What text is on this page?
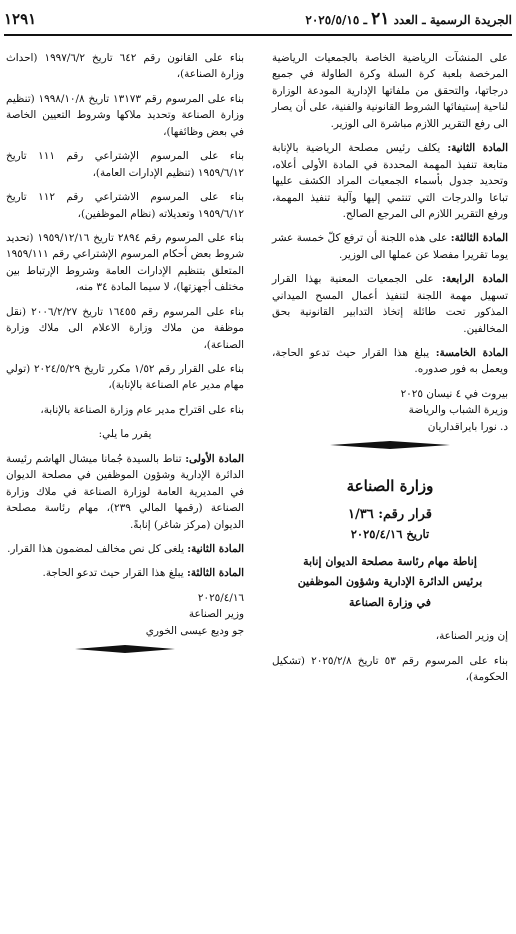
الجريدة الرسمية ـ العدد ٢١ ـ ٢٠٢٥/٥/١٥
١٢٩١

على المنشآت الرياضية الخاصة بالجمعيات الرياضية المرخصة بلعبة كرة السلة وكرة الطاولة في جميع درجاتها، والتحقق من ملفاتها الإدارية المودعة الوزارة لناحية إستيفائها الشروط القانونية والفنية، على أن يصار الى رفع التقرير اللازم مباشرة الى الوزير.

المادة الثانية: يكلف رئيس مصلحة الرياضية بالإنابة متابعة تنفيذ المهمة المحددة في المادة الأولى أعلاه، وتحديد جدول بأسماء الجمعيات المراد الكشف عليها تباعا والدرجات التي تنتمي إليها وآلية تنفيذ المهمة، ورفع التقرير اللازم الى المرجع الصالح.

المادة الثالثة: على هذه اللجنة أن ترفع كلّ خمسة عشر يوما تقريرا مفصلا عن عملها الى الوزير.

المادة الرابعة: على الجمعيات المعنية بهذا القرار تسهيل مهمة اللجنة لتنفيذ أعمال المسح الميداني المذكور تحت طائلة إتخاذ التدابير القانونية بحق المخالفين.

المادة الخامسة: يبلغ هذا القرار حيث تدعو الحاجة، ويعمل به فور صدوره.

بيروت في ٤ نيسان ٢٠٢٥

وزيرة الشباب والرياضة

د. نورا بايراقداريان

وزارة الصناعة

قرار رقم: ١/٣٦

تاريخ ٢٠٢٥/٤/١٦

إناطة مهام رئاسة مصلحة الديوان إنابة
برئيس الدائرة الإدارية وشؤون الموظفين
في وزارة الصناعة

إن وزير الصناعة،

بناء على المرسوم رقم ٥٣ تاريخ ٢٠٢٥/٢/٨ (تشكيل الحكومة)،

بناء على القانون رقم ٦٤٢ تاريخ ١٩٩٧/٦/٢ (احداث وزارة الصناعة)،

بناء على المرسوم رقم ١٣١٧٣ تاريخ ١٩٩٨/١٠/٨ (تنظيم وزارة الصناعة وتحديد ملاكها وشروط التعيين الخاصة في بعض وظائفها)،

بناء على المرسوم الإشتراعي رقم ١١١ تاريخ ١٩٥٩/٦/١٢ (تنظيم الإدارات العامة)،

بناء على المرسوم الاشتراعي رقم ١١٢ تاريخ ١٩٥٩/٦/١٢ وتعديلاته (نظام الموظفين)،

بناء على المرسوم رقم ٢٨٩٤ تاريخ ١٩٥٩/١٢/١٦ (تحديد شروط بعض أحكام المرسوم الإشتراعي رقم ١٩٥٩/١١١ المتعلق بتنظيم الإدارات العامة وشروط الإرتباط بين مختلف أجهزتها)، لا سيما المادة ٣٤ منه،

بناء على المرسوم رقم ١٦٤٥٥ تاريخ ٢٠٠٦/٢/٢٧ (نقل موظفة من ملاك وزارة الاعلام الى ملاك وزارة الصناعة)،

بناء على القرار رقم ١/٥٢ مكرر تاريخ ٢٠٢٤/٥/٢٩ (تولي مهام مدير عام الصناعة بالإنابة)،

بناء على اقتراح مدير عام وزارة الصناعة بالإنابة،

يقرر ما يلي:

المادة الأولى: تناط بالسيدة جُمانا ميشال الهاشم رئيسة الدائرة الإدارية وشؤون الموظفين في مصلحة الديوان في المديرية العامة لوزارة الصناعة في ملاك وزارة الصناعة (رقمها المالي ٢٣٩)، مهام رئاسة مصلحة الديوان (مركز شاغر) إنابةً.

المادة الثانية: يلغى كل نص مخالف لمضمون هذا القرار.

المادة الثالثة: يبلغ هذا القرار حيث تدعو الحاجة.

٢٠٢٥/٤/١٦

وزير الصناعة

جو وديع عيسى الخوري
